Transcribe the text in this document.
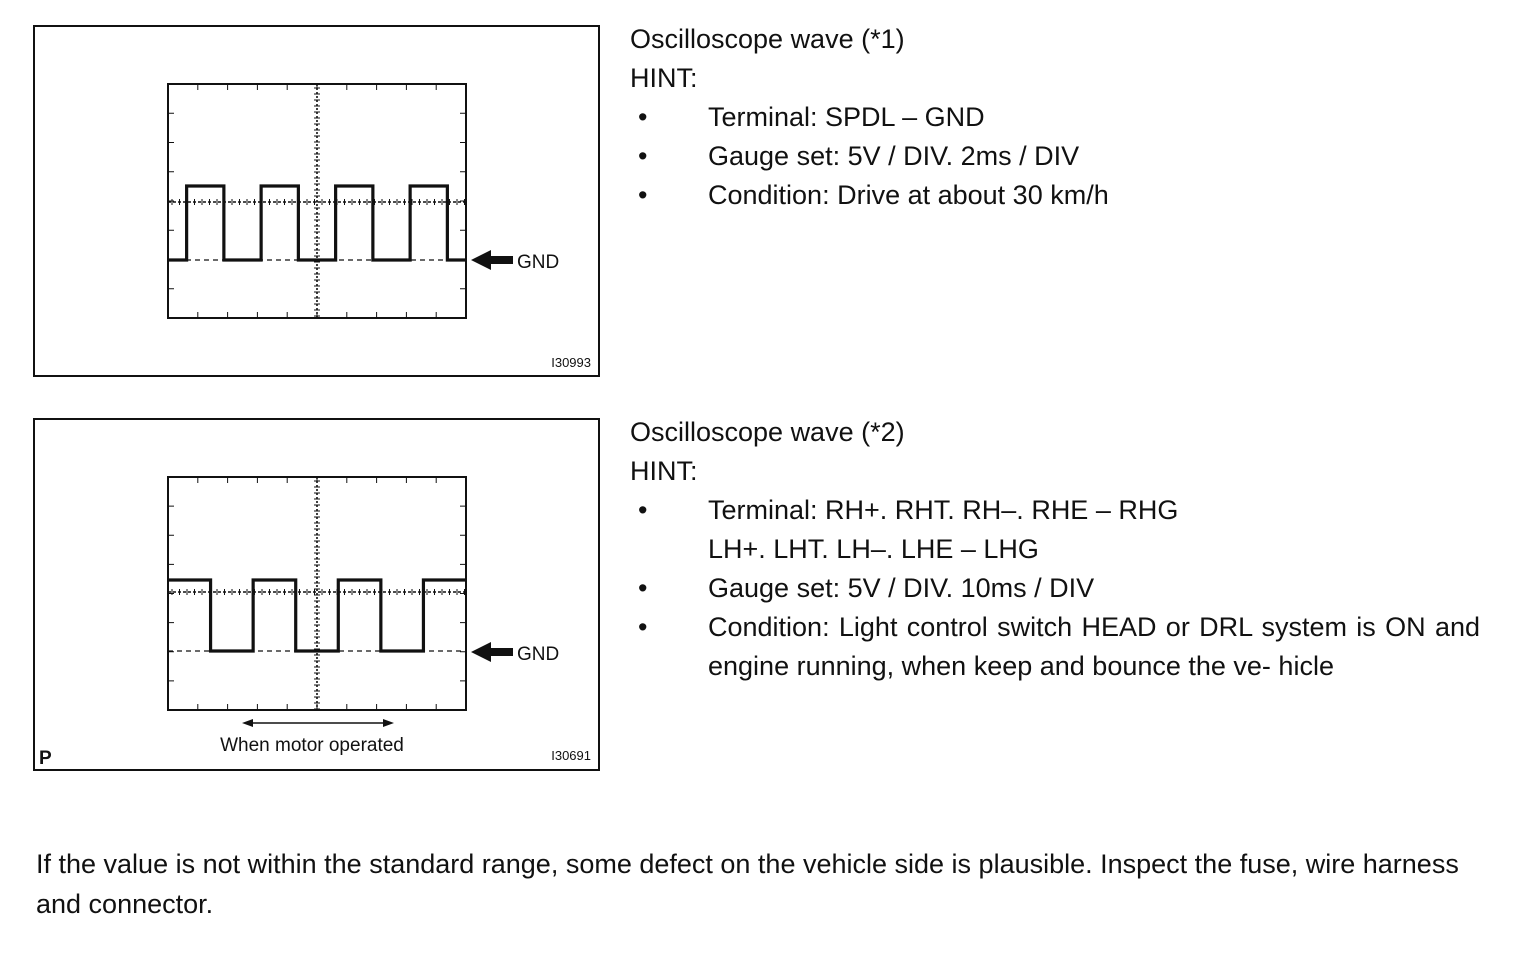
GND
I30993
GND
When motor operated
P	I30691
Oscilloscope wave (*1)
HINT:
•	Terminal: SPDL – GND
•	Gauge set: 5V / DIV. 2ms / DIV
•	Condition: Drive at about 30 km/h
Oscilloscope wave (*2)
HINT:
•	Terminal: RH+. RHT. RH–. RHE – RHG
LH+. LHT. LH–. LHE – LHG
•	Gauge set: 5V / DIV. 10ms / DIV
•	Condition: Light control switch HEAD or DRL system is ON and engine running, when keep and bounce the ve- hicle
If the value is not within the standard range, some defect on the vehicle side is plausible. Inspect the fuse, wire harness and connector.
